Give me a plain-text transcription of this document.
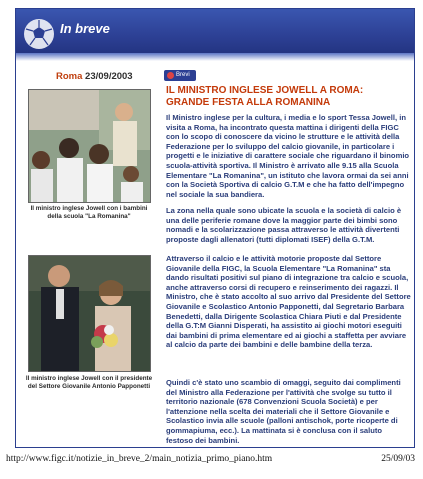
In breve
Roma 23/09/2003	Brevi
IL MINISTRO INGLESE JOWELL A ROMA: GRANDE FESTA ALLA ROMANINA
Il ministro inglese Jowell con i bambini della scuola "La Romanina"
Il ministro inglese Jowell con il presidente del Settore Giovanile Antonio Papponetti

Il Ministro inglese per la cultura, i media e lo sport Tessa Jowell, in visita a Roma, ha incontrato questa mattina i dirigenti della FIGC con lo scopo di conoscere da vicino le strutture e le attività della Federazione per lo sviluppo del calcio giovanile, in particolare i progetti e le iniziative di carattere sociale che riguardano il binomio scuola-attività sportiva. Il Ministro è arrivato alle 9.15 alla Scuola Elementare "La Romanina", un istituto che lavora ormai da sei anni con la Società Sportiva di calcio G.T.M e che ha fatto dell'impegno nel sociale la sua bandiera.

La zona nella quale sono ubicate la scuola e la società di calcio è una delle periferie romane dove la maggior parte dei bimbi sono nomadi e la scolarizzazione passa attraverso le attività divertenti proposte dagli allenatori (tutti diplomati ISEF) della G.T.M.

Attraverso il calcio e le attività motorie proposte dal Settore Giovanile della FIGC, la Scuola Elementare "La Romanina" sta dando risultati positivi sul piano di integrazione tra calcio e scuola, anche attraverso corsi di recupero e reinserimento dei ragazzi. Il Ministro, che è stato accolto al suo arrivo dal Presidente del Settore Giovanile e Scolastico Antonio Papponetti, dal Segretario Barbara Benedetti, dalla Dirigente Scolastica Chiara Piuti e dal Presidente della G.T:M Gianni Disperati, ha assistito ai giochi motori eseguiti dai bambini di prima elementare ed ai giochi a staffetta per avviare al calcio da parte dei bambini e delle bambine della terza.

Quindi c'è stato uno scambio di omaggi, seguito dai complimenti del Ministro alla Federazione per l'attività che svolge su tutto il territorio nazionale (678 Convenzioni Scuola Società) e per l'attenzione nella scelta dei materiali che il Settore Giovanile e Scolastico invia alle scuole (palloni antischok, porte ricoperte di gommapiuma, ecc.). La mattinata si è conclusa con il saluto festoso dei bambini.

http://www.figc.it/notizie_in_breve_2/main_notizia_primo_piano.htm	25/09/03
